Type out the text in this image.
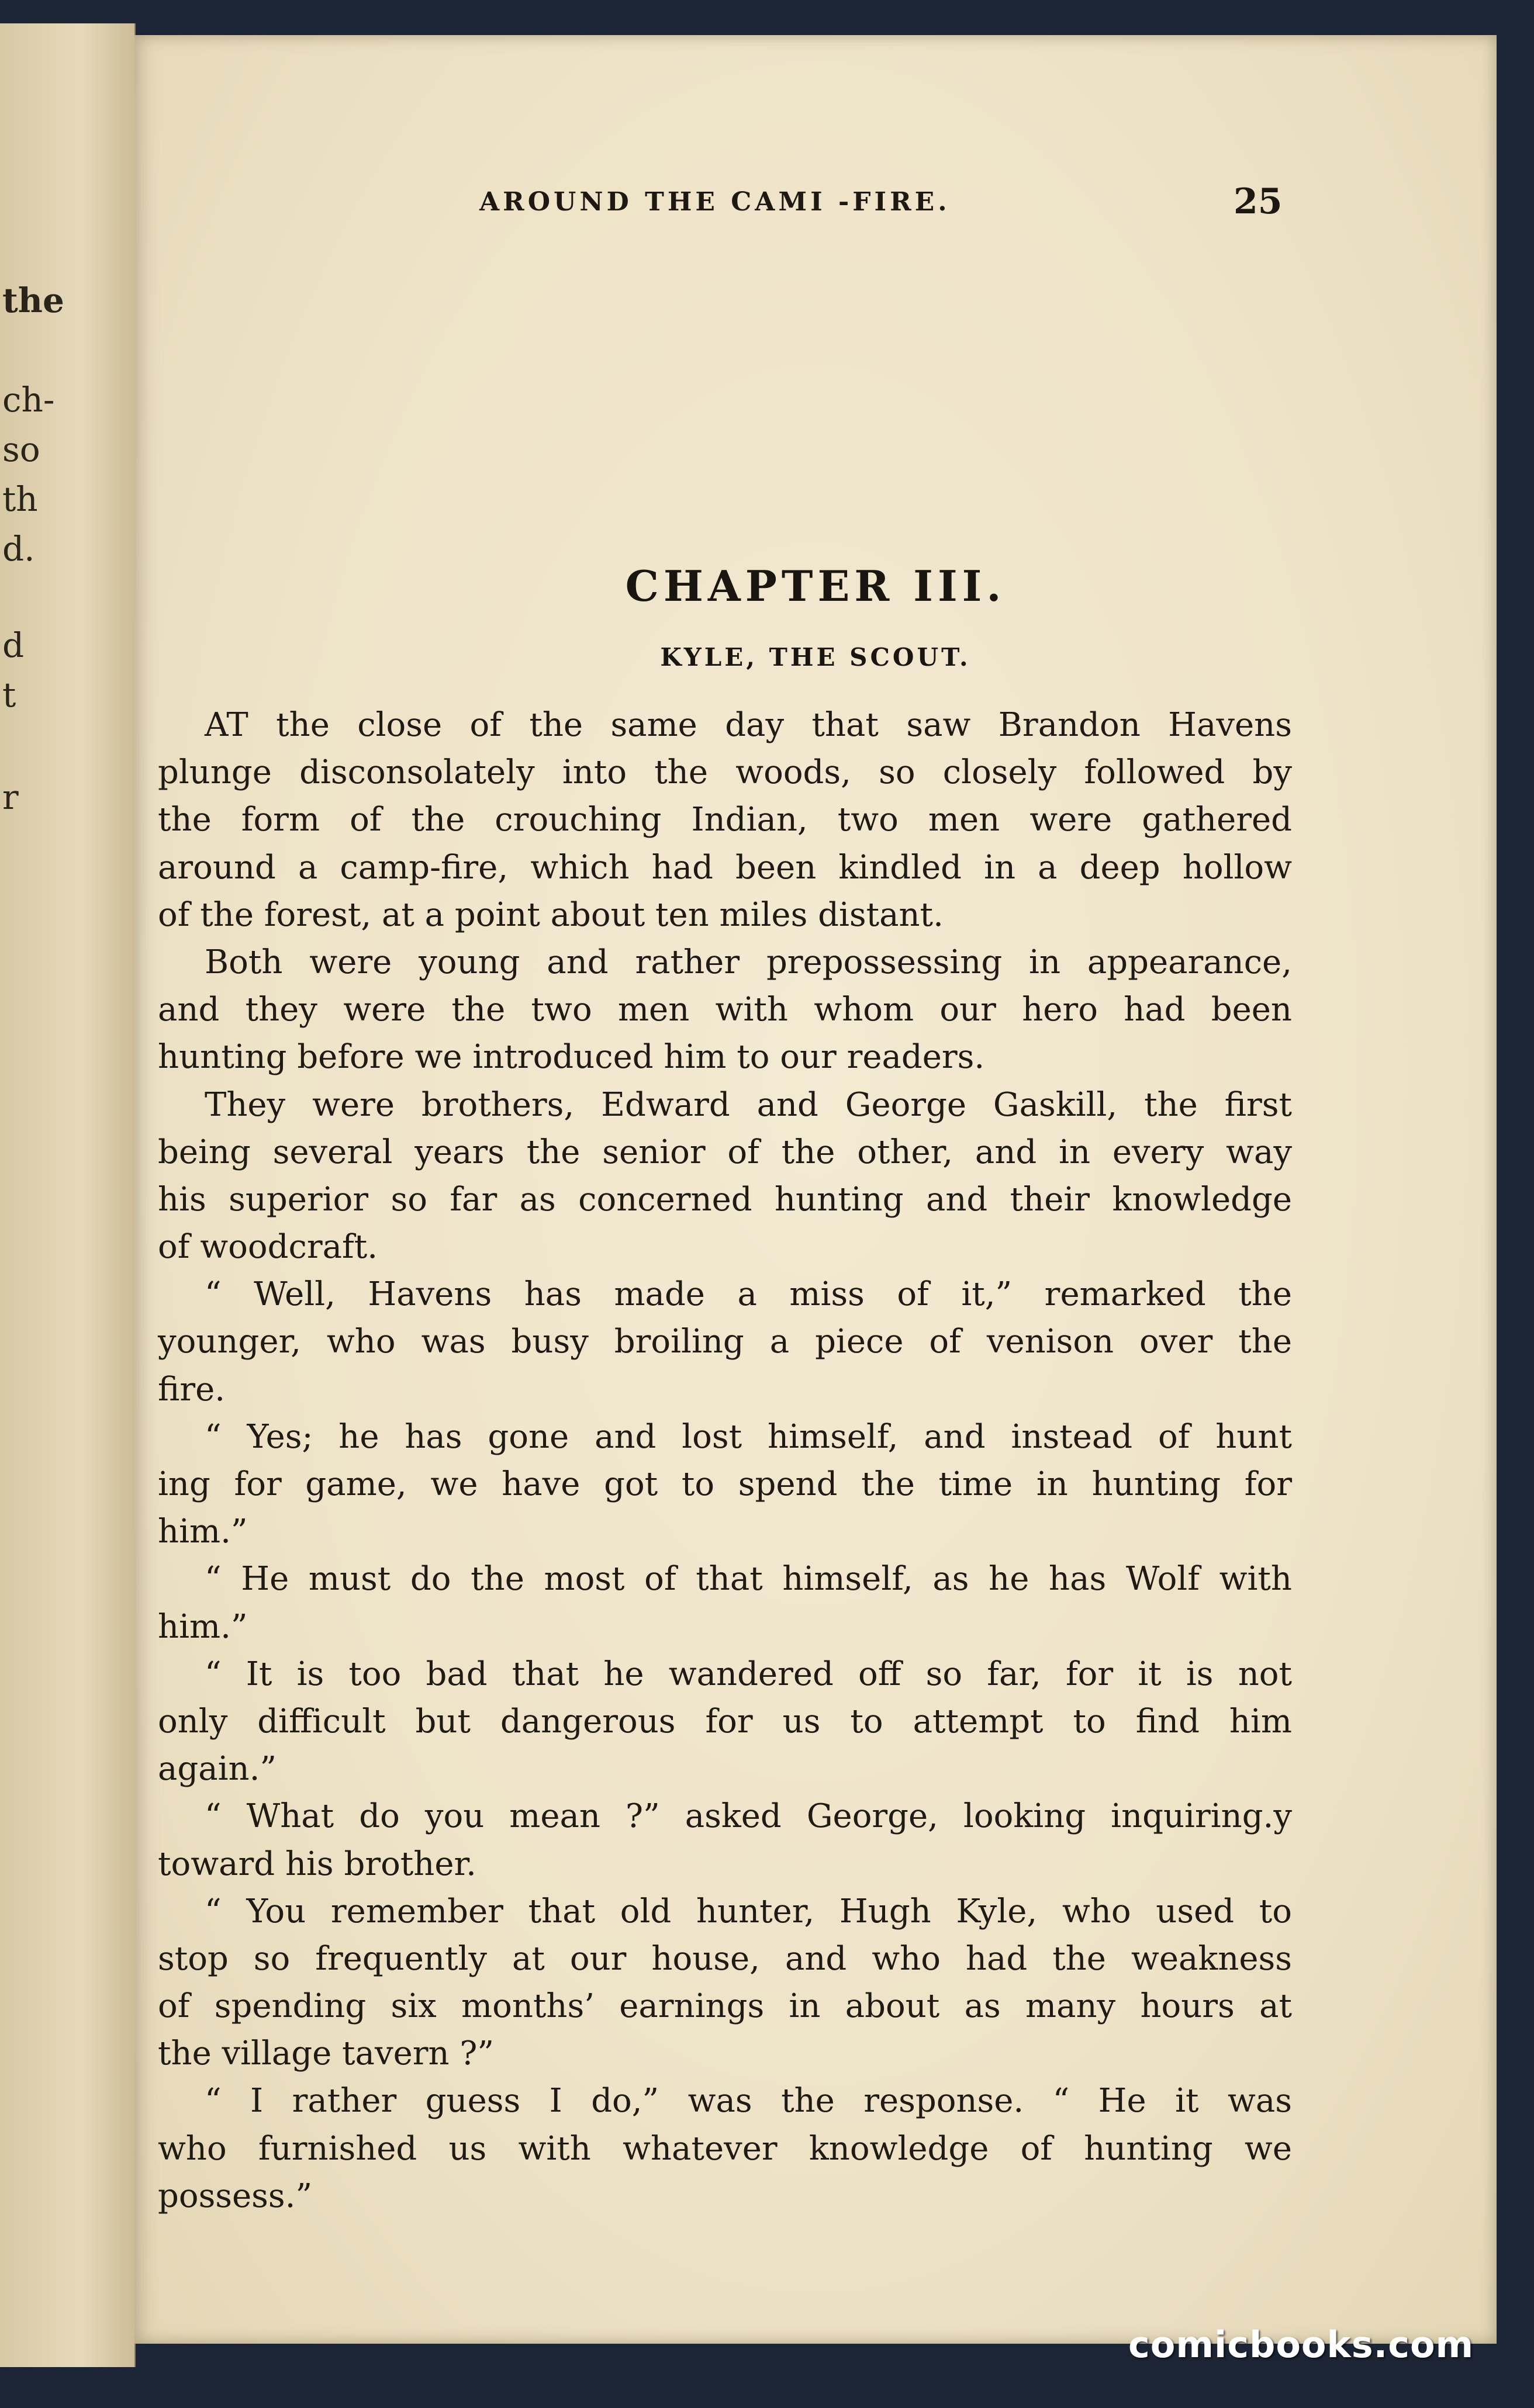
the
ch-
so
th
d.
d
t
r
AROUND THE CAMI -FIRE.	25
CHAPTER III.
KYLE, THE SCOUT.
AT the close of the same day that saw Brandon Havens
plunge disconsolately into the woods, so closely followed by
the form of the crouching Indian, two men were gathered
around a camp-fire, which had been kindled in a deep hollow
of the forest, at a point about ten miles distant.
Both were young and rather prepossessing in appearance,
and they were the two men with whom our hero had been
hunting before we introduced him to our readers.
They were brothers, Edward and George Gaskill, the first
being several years the senior of the other, and in every way
his superior so far as concerned hunting and their knowledge
of woodcraft.
“ Well, Havens has made a miss of it,” remarked the
younger, who was busy broiling a piece of venison over the
fire.
“ Yes; he has gone and lost himself, and instead of hunt
ing for game, we have got to spend the time in hunting for
him.”
“ He must do the most of that himself, as he has Wolf with
him.”
“ It is too bad that he wandered off so far, for it is not
only difficult but dangerous for us to attempt to find him
again.”
“ What do you mean ?” asked George, looking inquiring.y
toward his brother.
“ You remember that old hunter, Hugh Kyle, who used to
stop so frequently at our house, and who had the weakness
of spending six months’ earnings in about as many hours at
the village tavern ?”
“ I rather guess I do,” was the response. “ He it was
who furnished us with whatever knowledge of hunting we
possess.”
comicbooks.com
